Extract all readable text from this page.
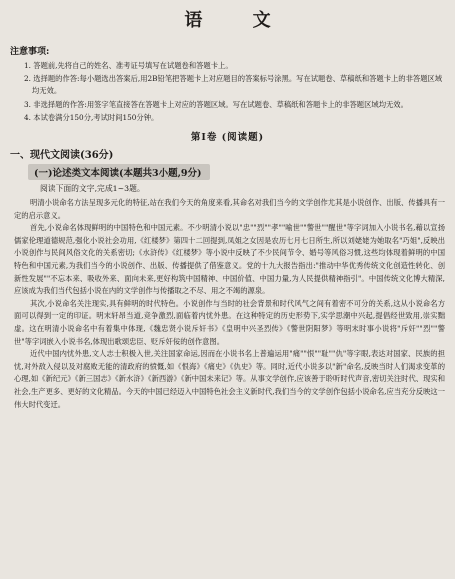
语 文
注意事项:
1. 答题前,先将自己的姓名、准考证号填写在试题卷和答题卡上。
2. 选择题的作答:每小题选出答案后,用2B铅笔把答题卡上对应题目的答案标号涂黑。写在试题卷、草稿纸和答题卡上的非答题区域均无效。
3. 非选择题的作答:用签字笔直接答在答题卡上对应的答题区域。写在试题卷、草稿纸和答题卡上的非答题区域均无效。
4. 本试卷满分150分,考试时间150分钟。
第Ⅰ卷 (阅读题)
一、现代文阅读(36分)
(一)论述类文本阅读(本题共3小题,9分)
阅读下面的文字,完成1~3题。

明清小说命名方法呈现多元化的特征,站在我们今天的角度来看,其命名对我们当今的文学创作尤其是小说创作、出版、传播具有一定的启示意义。

首先,小说命名体现鲜明的中国特色和中国元素。不少明清小说以"忠""烈""孝""喻世""警世""醒世"等字词加入小说书名,藉以宣扬儒家伦理道德规范,强化小说社会功用,《红楼梦》第四十二回提到,凤姐之女因是农历七月七日所生,所以刘姥姥为她取名"巧姐",反映出小说创作与民间风俗文化的关系密切;《水浒传》《红楼梦》等小说中反映了不少民间节令、婚号等风俗习惯,这些均体现着鲜明的中国特色和中国元素,为我们当今的小说创作、出版、传播提供了借鉴意义。党的十九大报告指出:"推动中华优秀传统文化创造性转化、创新性发展""不忘本来、吸收外来、面向未来,更好构筑中国精神、中国价值、中国力量,为人民提供精神指引"。中国传统文化博大精深,应该成为我们当代包括小说在内的文学创作与传播取之不尽、用之不竭的源泉。

其次,小说命名关注现实,具有鲜明的时代特色。小说创作与当时的社会背景和时代风气之间有着密不可分的关系,这从小说命名方面可以得到一定的印证。明末轩昂当道,竞争激烈,面临着内忧外患。在这种特定的历史形势下,实学思潮中兴起,提倡经世致用,崇实黜虚。这在明清小说命名中有着集中体现,《魏忠贤小说斥奸书》《皇明中兴圣烈传》《警世阴阳梦》等明末时事小说将"斥奸""烈""警世"等字词嵌入小说书名,体现出歌颂忠臣、贬斥奸佞的创作意图。

近代中国内忧外患,文人志士积极入世,关注国家命运,因而在小说书名上普遍运用"痛""恨""耻""仇"等字眼,表达对国家、民族的担忧,对外敌入侵以及对腐败无能的清政府的愤慨,如《恨海》《痛史》《仇史》等。同时,近代小说多以"新"命名,反映当时人们渴求变革的心理,如《新纪元》《新三国志》《新水浒》《新西游》《新中国未来记》等。从事文学创作,应该善于聆听时代声音,密切关注时代、现实和社会,生产更多、更好的文化精品。今天的中国已经迈入中国特色社会主义新时代,我们当今的文学创作包括小说命名,应当充分反映这一伟大时代变迁。
